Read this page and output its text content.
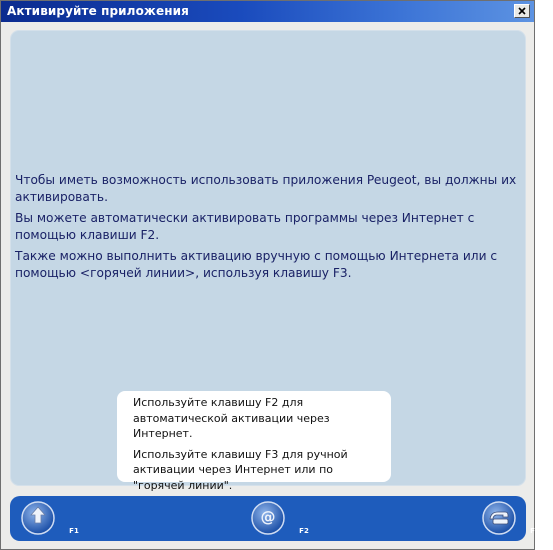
Активируйте приложения

Чтобы иметь возможность использовать приложения Peugeot, вы должны их активировать.

Вы можете автоматически активировать программы через Интернет с помощью клавиши F2.

Также можно выполнить активацию вручную с помощью Интернета или с помощью <горячей линии>, используя клавишу F3.

Используйте клавишу F2 для автоматической активации через Интернет.

Используйте клавишу F3 для ручной активации через Интернет или по "горячей линии".

F1
@
F2	F3
